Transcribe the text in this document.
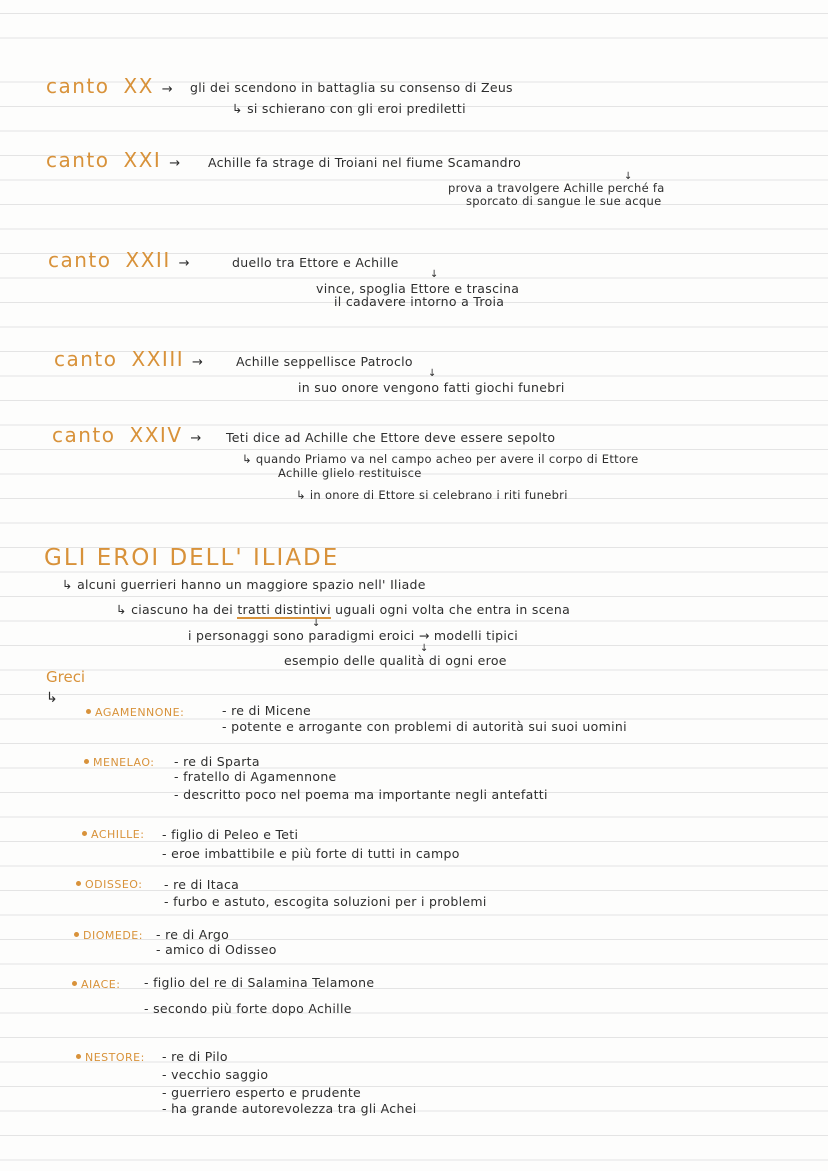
canto XX → gli dei scendono in battaglia su consenso di Zeus
↳ si schierano con gli eroi prediletti
canto XXI → Achille fa strage di Troiani nel fiume Scamandro
↓
prova a travolgere Achille perché fa
sporcato di sangue le sue acque
canto XXII →	duello tra Ettore e Achille
↓
vince, spoglia Ettore e trascina
il cadavere intorno a Troia
canto XXIII →	Achille seppellisce Patroclo
↓
in suo onore vengono fatti giochi funebri
canto XXIV → Teti dice ad Achille che Ettore deve essere sepolto
↳ quando Priamo va nel campo acheo per avere il corpo di Ettore
Achille glielo restituisce
↳ in onore di Ettore si celebrano i riti funebri
GLI EROI DELL' ILIADE
↳ alcuni guerrieri hanno un maggiore spazio nell' Iliade
↳ ciascuno ha dei tratti distintivi uguali ogni volta che entra in scena
↓
i personaggi sono paradigmi eroici → modelli tipici
↓
esempio delle qualità di ogni eroe
Greci
↳
AGAMENNONE:	- re di Micene
- potente e arrogante con problemi di autorità sui suoi uomini
MENELAO: - re di Sparta
- fratello di Agamennone
- descritto poco nel poema ma importante negli antefatti
ACHILLE: - figlio di Peleo e Teti
- eroe imbattibile e più forte di tutti in campo
ODISSEO: - re di Itaca
- furbo e astuto, escogita soluzioni per i problemi
DIOMEDE: - re di Argo
- amico di Odisseo
AIACE: - figlio del re di Salamina Telamone
- secondo più forte dopo Achille
NESTORE: - re di Pilo
- vecchio saggio
- guerriero esperto e prudente
- ha grande autorevolezza tra gli Achei
